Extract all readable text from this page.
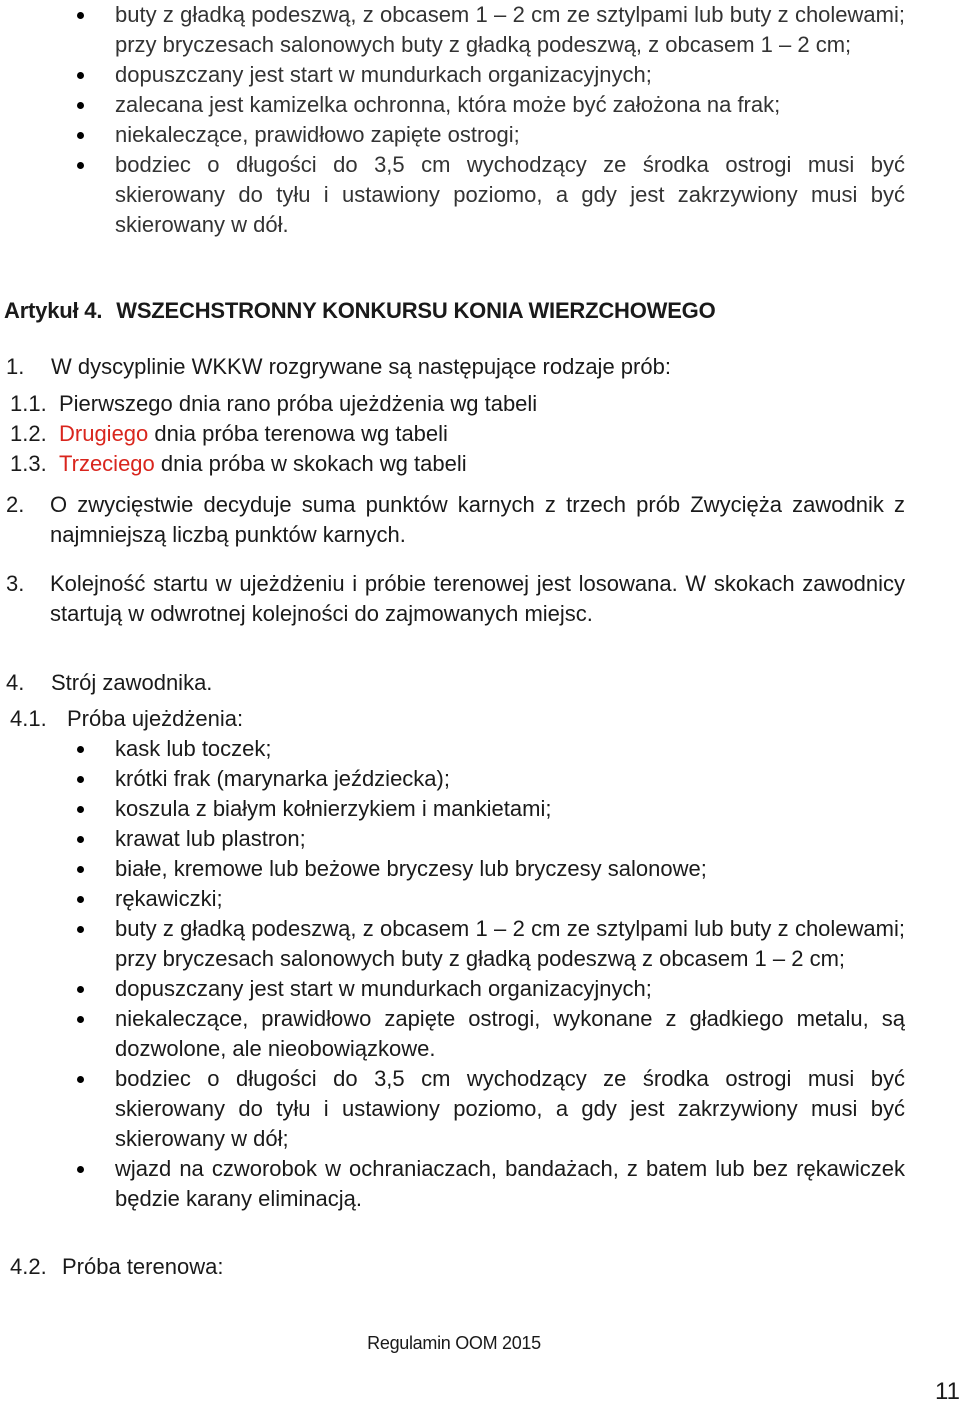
buty z gładką podeszwą, z obcasem 1 – 2 cm ze sztylpami lub buty z cholewami; przy bryczesach salonowych buty z gładką podeszwą, z obcasem 1 – 2 cm;
dopuszczany jest start w mundurkach organizacyjnych;
zalecana jest kamizelka ochronna, która może być założona na frak;
niekaleczące, prawidłowo zapięte ostrogi;
bodziec o długości do 3,5 cm wychodzący ze środka ostrogi musi być skierowany do tyłu i ustawiony poziomo, a gdy jest zakrzywiony musi być skierowany w dół.
Artykuł 4. WSZECHSTRONNY KONKURSU KONIA WIERZCHOWEGO
1. W dyscyplinie WKKW rozgrywane są następujące rodzaje prób:
1.1. Pierwszego dnia rano próba ujeżdżenia wg tabeli
1.2. Drugiego dnia próba terenowa wg tabeli
1.3. Trzeciego dnia próba w skokach wg tabeli
2. O zwycięstwie decyduje suma punktów karnych z trzech prób Zwycięża zawodnik z najmniejszą liczbą punktów karnych.
3. Kolejność startu w ujeżdżeniu i próbie terenowej jest losowana. W skokach zawodnicy startują w odwrotnej kolejności do zajmowanych miejsc.
4. Strój zawodnika.
4.1. Próba ujeżdżenia:
kask lub toczek;
krótki frak (marynarka jeździecka);
koszula z białym kołnierzykiem i mankietami;
krawat lub plastron;
białe, kremowe lub beżowe bryczesy lub bryczesy salonowe;
rękawiczki;
buty z gładką podeszwą, z obcasem 1 – 2 cm ze sztylpami lub buty z cholewami; przy bryczesach salonowych buty z gładką podeszwą z obcasem 1 – 2 cm;
dopuszczany jest start w mundurkach organizacyjnych;
niekaleczące, prawidłowo zapięte ostrogi, wykonane z gładkiego metalu, są dozwolone, ale nieobowiązkowe.
bodziec o długości do 3,5 cm wychodzący ze środka ostrogi musi być skierowany do tyłu i ustawiony poziomo, a gdy jest zakrzywiony musi być skierowany w dół;
wjazd na czworobok w ochraniaczach, bandażach, z batem lub bez rękawiczek będzie karany eliminacją.
4.2. Próba terenowa:
Regulamin OOM 2015
11
